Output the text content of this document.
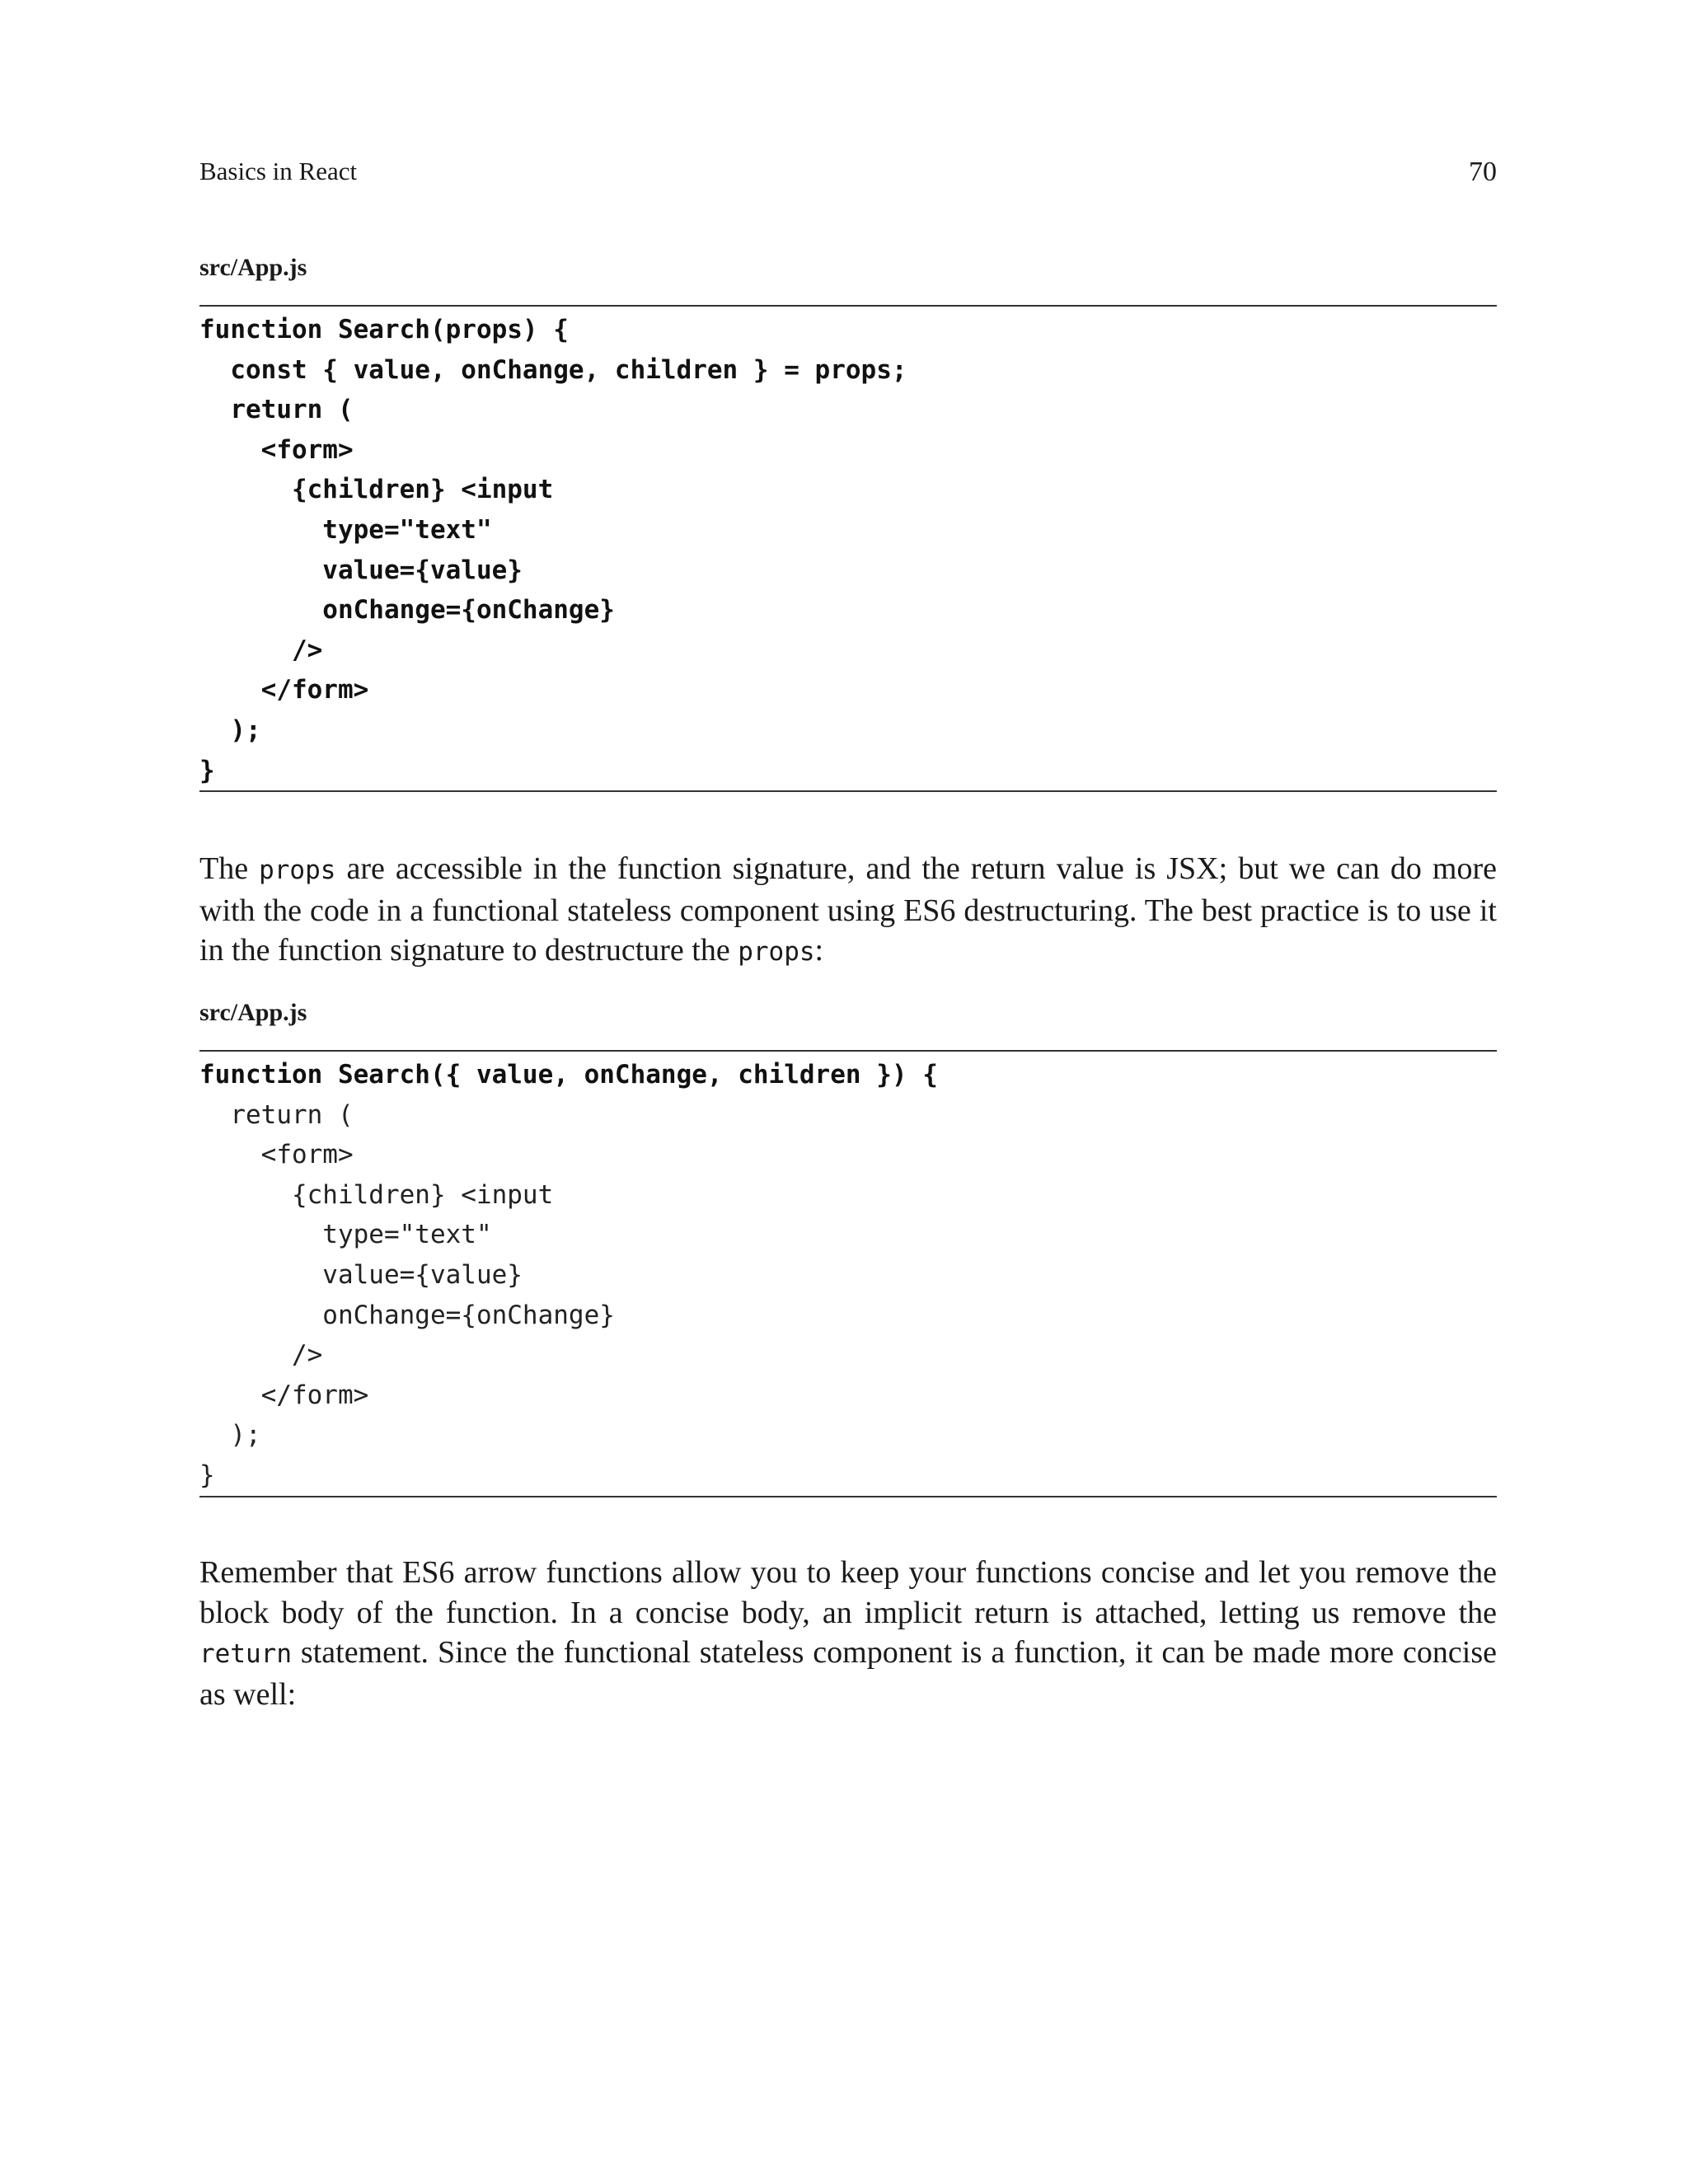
Basics in React	70
src/App.js
function Search(props) {
const { value, onChange, children } = props;
return (
<form>
{children} <input
type="text"
value={value}
onChange={onChange}
/>
</form>
);
}

The props are accessible in the function signature, and the return value is JSX; but we can do more with the code in a functional stateless component using ES6 destructuring. The best practice is to use it in the function signature to destructure the props:

src/App.js
function Search({ value, onChange, children }) {
return (
<form>
{children} <input
type="text"
value={value}
onChange={onChange}
/>
</form>
);
}

Remember that ES6 arrow functions allow you to keep your functions concise and let you remove the block body of the function. In a concise body, an implicit return is attached, letting us remove the return statement. Since the functional stateless component is a function, it can be made more concise as well:
